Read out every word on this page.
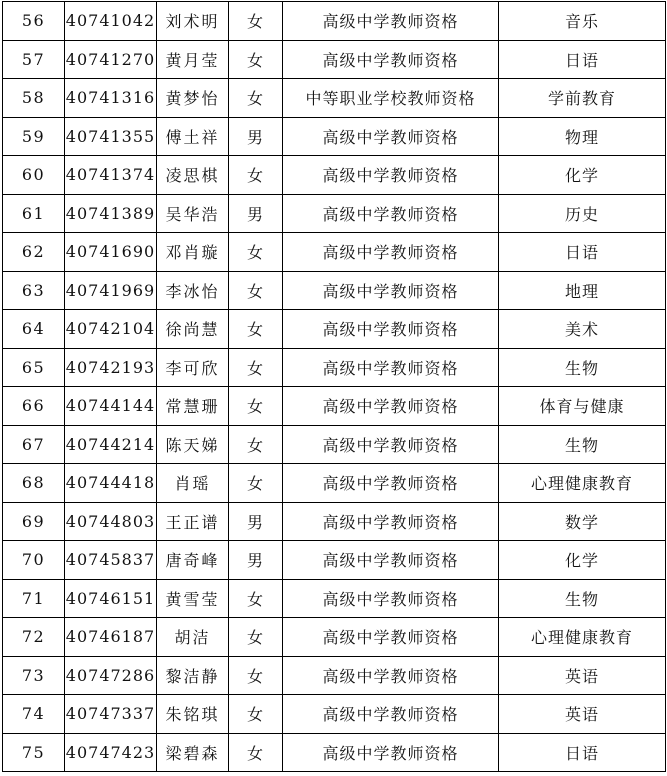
56	40741042	刘术明	女	高级中学教师资格	音乐
57	40741270	黄月莹	女	高级中学教师资格	日语
58	40741316	黄梦怡	女	中等职业学校教师资格	学前教育
59	40741355	傅土祥	男	高级中学教师资格	物理
60	40741374	凌思棋	女	高级中学教师资格	化学
61	40741389	吴华浩	男	高级中学教师资格	历史
62	40741690	邓肖璇	女	高级中学教师资格	日语
63	40741969	李冰怡	女	高级中学教师资格	地理
64	40742104	徐尚慧	女	高级中学教师资格	美术
65	40742193	李可欣	女	高级中学教师资格	生物
66	40744144	常慧珊	女	高级中学教师资格	体育与健康
67	40744214	陈天娣	女	高级中学教师资格	生物
68	40744418	肖瑶	女	高级中学教师资格	心理健康教育
69	40744803	王正谱	男	高级中学教师资格	数学
70	40745837	唐奇峰	男	高级中学教师资格	化学
71	40746151	黄雪莹	女	高级中学教师资格	生物
72	40746187	胡洁	女	高级中学教师资格	心理健康教育
73	40747286	黎洁静	女	高级中学教师资格	英语
74	40747337	朱铭琪	女	高级中学教师资格	英语
75	40747423	梁碧森	女	高级中学教师资格	日语
